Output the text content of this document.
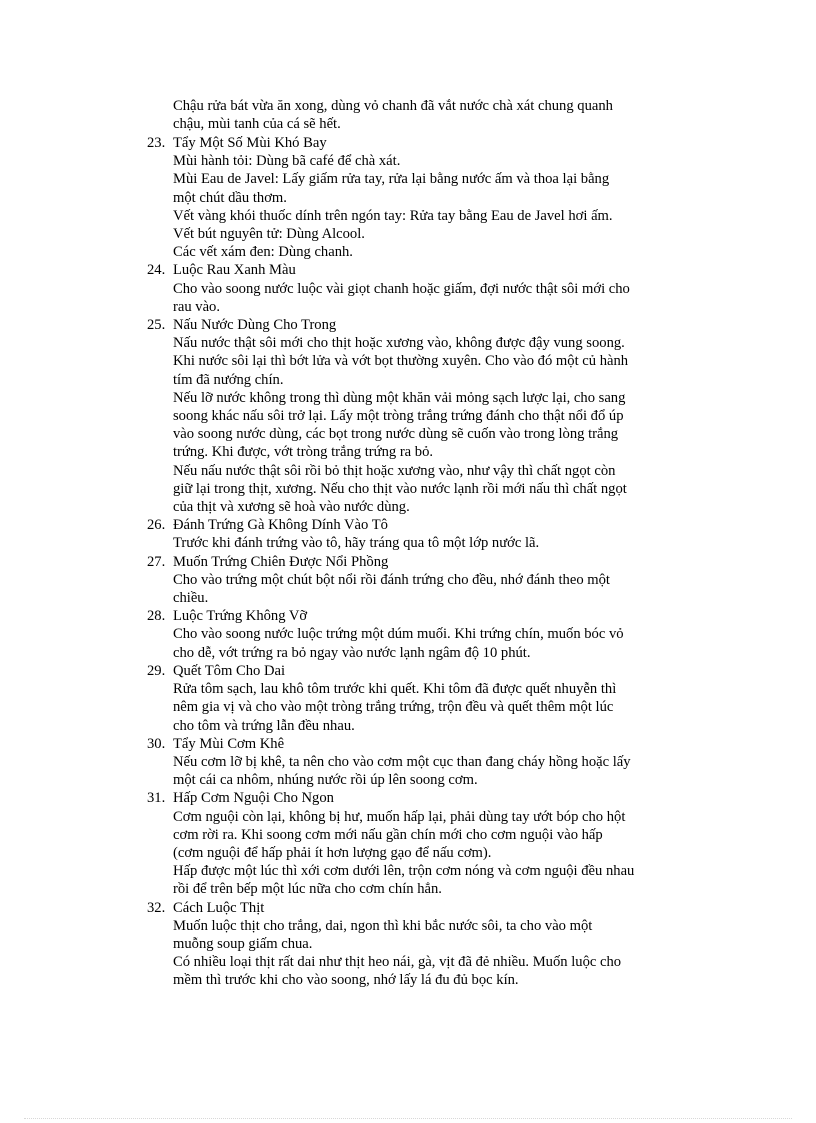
Chậu rửa bát vừa ăn xong, dùng vỏ chanh đã vắt nước chà xát chung quanh
chậu, mùi tanh của cá sẽ hết.
23. Tẩy Một Số Mùi Khó Bay
Mùi hành tỏi: Dùng bã café để chà xát.
Mùi Eau de Javel: Lấy giấm rửa tay, rửa lại bằng nước ấm và thoa lại bằng
một chút dầu thơm.
Vết vàng khói thuốc dính trên ngón tay: Rửa tay bằng Eau de Javel hơi ấm.
Vết bút nguyên tử: Dùng Alcool.
Các vết xám đen: Dùng chanh.
24. Luộc Rau Xanh Màu
Cho vào soong nước luộc vài giọt chanh hoặc giấm, đợi nước thật sôi mới cho
rau vào.
25. Nấu Nước Dùng Cho Trong
Nấu nước thật sôi mới cho thịt hoặc xương vào, không được đậy vung soong.
Khi nước sôi lại thì bớt lửa và vớt bọt thường xuyên. Cho vào đó một củ hành
tím đã nướng chín.
Nếu lỡ nước không trong thì dùng một khăn vải mỏng sạch lược lại, cho sang
soong khác nấu sôi trở lại. Lấy một tròng trắng trứng đánh cho thật nổi đổ úp
vào soong nước dùng, các bọt trong nước dùng sẽ cuốn vào trong lòng trắng
trứng. Khi được, vớt tròng trắng trứng ra bỏ.
Nếu nấu nước thật sôi rồi bỏ thịt hoặc xương vào, như vậy thì chất ngọt còn
giữ lại trong thịt, xương. Nếu cho thịt vào nước lạnh rồi mới nấu thì chất ngọt
của thịt và xương sẽ hoà vào nước dùng.
26. Đánh Trứng Gà Không Dính Vào Tô
Trước khi đánh trứng vào tô, hãy tráng qua tô một lớp nước lã.
27. Muốn Trứng Chiên Được Nổi Phồng
Cho vào trứng một chút bột nổi rồi đánh trứng cho đều, nhớ đánh theo một
chiều.
28. Luộc Trứng Không Vỡ
Cho vào soong nước luộc trứng một dúm muối. Khi trứng chín, muốn bóc vỏ
cho dễ, vớt trứng ra bỏ ngay vào nước lạnh ngâm độ 10 phút.
29. Quết Tôm Cho Dai
Rửa tôm sạch, lau khô tôm trước khi quết. Khi tôm đã được quết nhuyễn thì
nêm gia vị và cho vào một tròng trắng trứng, trộn đều và quết thêm một lúc
cho tôm và trứng lẫn đều nhau.
30. Tẩy Mùi Cơm Khê
Nếu cơm lỡ bị khê, ta nên cho vào cơm một cục than đang cháy hồng hoặc lấy
một cái ca nhôm, nhúng nước rồi úp lên soong cơm.
31. Hấp Cơm Nguội Cho Ngon
Cơm nguội còn lại, không bị hư, muốn hấp lại, phải dùng tay ướt bóp cho hột
cơm rời ra. Khi soong cơm mới nấu gần chín mới cho cơm nguội vào hấp
(cơm nguội để hấp phải ít hơn lượng gạo để nấu cơm).
Hấp được một lúc thì xới cơm dưới lên, trộn cơm nóng và cơm nguội đều nhau
rồi để trên bếp một lúc nữa cho cơm chín hẳn.
32. Cách Luộc Thịt
Muốn luộc thịt cho trắng, dai, ngon thì khi bắc nước sôi, ta cho vào một
muỗng soup giấm chua.
Có nhiều loại thịt rất dai như thịt heo nái, gà, vịt đã đẻ nhiều. Muốn luộc cho
mềm thì trước khi cho vào soong, nhớ lấy lá đu đủ bọc kín.
